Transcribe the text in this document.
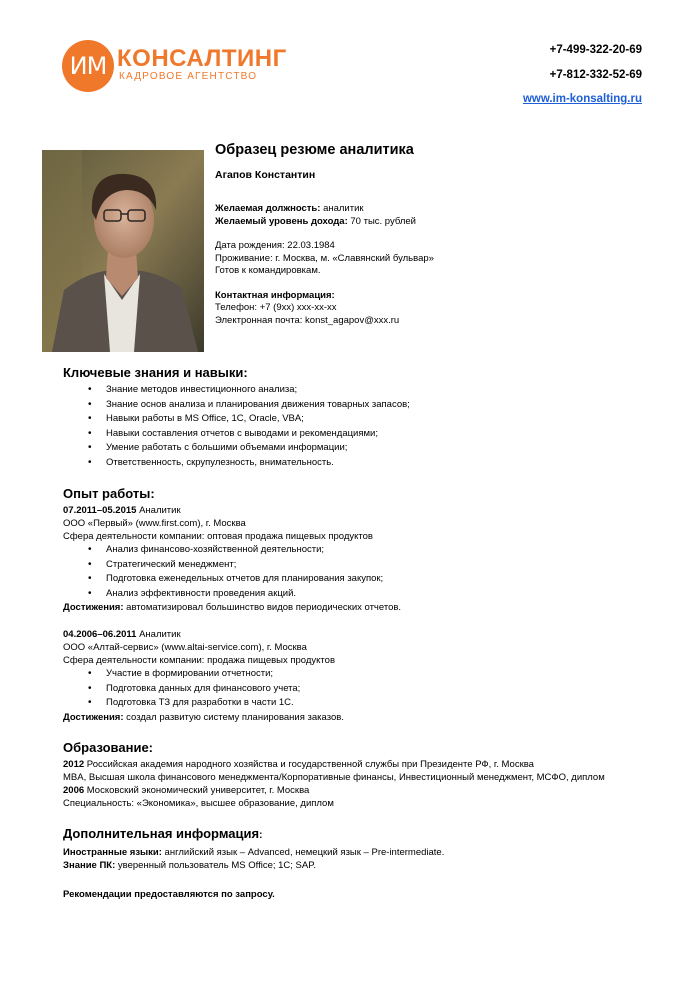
ИМ КОНСАЛТИНГ
КАДРОВОЕ АГЕНТСТВО
+7-499-322-20-69
+7-812-332-52-69
www.im-konsalting.ru
Образец резюме аналитика
Агапов Константин
Желаемая должность: аналитик
Желаемый уровень дохода: 70 тыс. рублей
Дата рождения: 22.03.1984
Проживание: г. Москва, м. «Славянский бульвар»
Готов к командировкам.
Контактная информация:
Телефон: +7 (9xx) xxx-xx-xx
Электронная почта: konst_agapov@xxx.ru
Ключевые знания и навыки:
• Знание методов инвестиционного анализа;
• Знание основ анализа и планирования движения товарных запасов;
• Навыки работы в MS Office, 1C, Oracle, VBA;
• Навыки составления отчетов с выводами и рекомендациями;
• Умение работать с большими объемами информации;
• Ответственность, скрупулезность, внимательность.
Опыт работы:
07.2011–05.2015 Аналитик
ООО «Первый» (www.first.com), г. Москва
Сфера деятельности компании: оптовая продажа пищевых продуктов
• Анализ финансово-хозяйственной деятельности;
• Стратегический менеджмент;
• Подготовка еженедельных отчетов для планирования закупок;
• Анализ эффективности проведения акций.
Достижения: автоматизировал большинство видов периодических отчетов.
04.2006–06.2011 Аналитик
ООО «Алтай-сервис» (www.altai-service.com), г. Москва
Сфера деятельности компании: продажа пищевых продуктов
• Участие в формировании отчетности;
• Подготовка данных для финансового учета;
• Подготовка ТЗ для разработки в части 1С.
Достижения: создал развитую систему планирования заказов.
Образование:
2012 Российская академия народного хозяйства и государственной службы при Президенте РФ, г. Москва
MBA, Высшая школа финансового менеджмента/Корпоративные финансы, Инвестиционный менеджмент, МСФО, диплом
2006 Московский экономический университет, г. Москва
Специальность: «Экономика», высшее образование, диплом
Дополнительная информация:
Иностранные языки: английский язык – Advanced, немецкий язык – Pre-intermediate.
Знание ПК: уверенный пользователь MS Office; 1С; SAP.
Рекомендации предоставляются по запросу.
